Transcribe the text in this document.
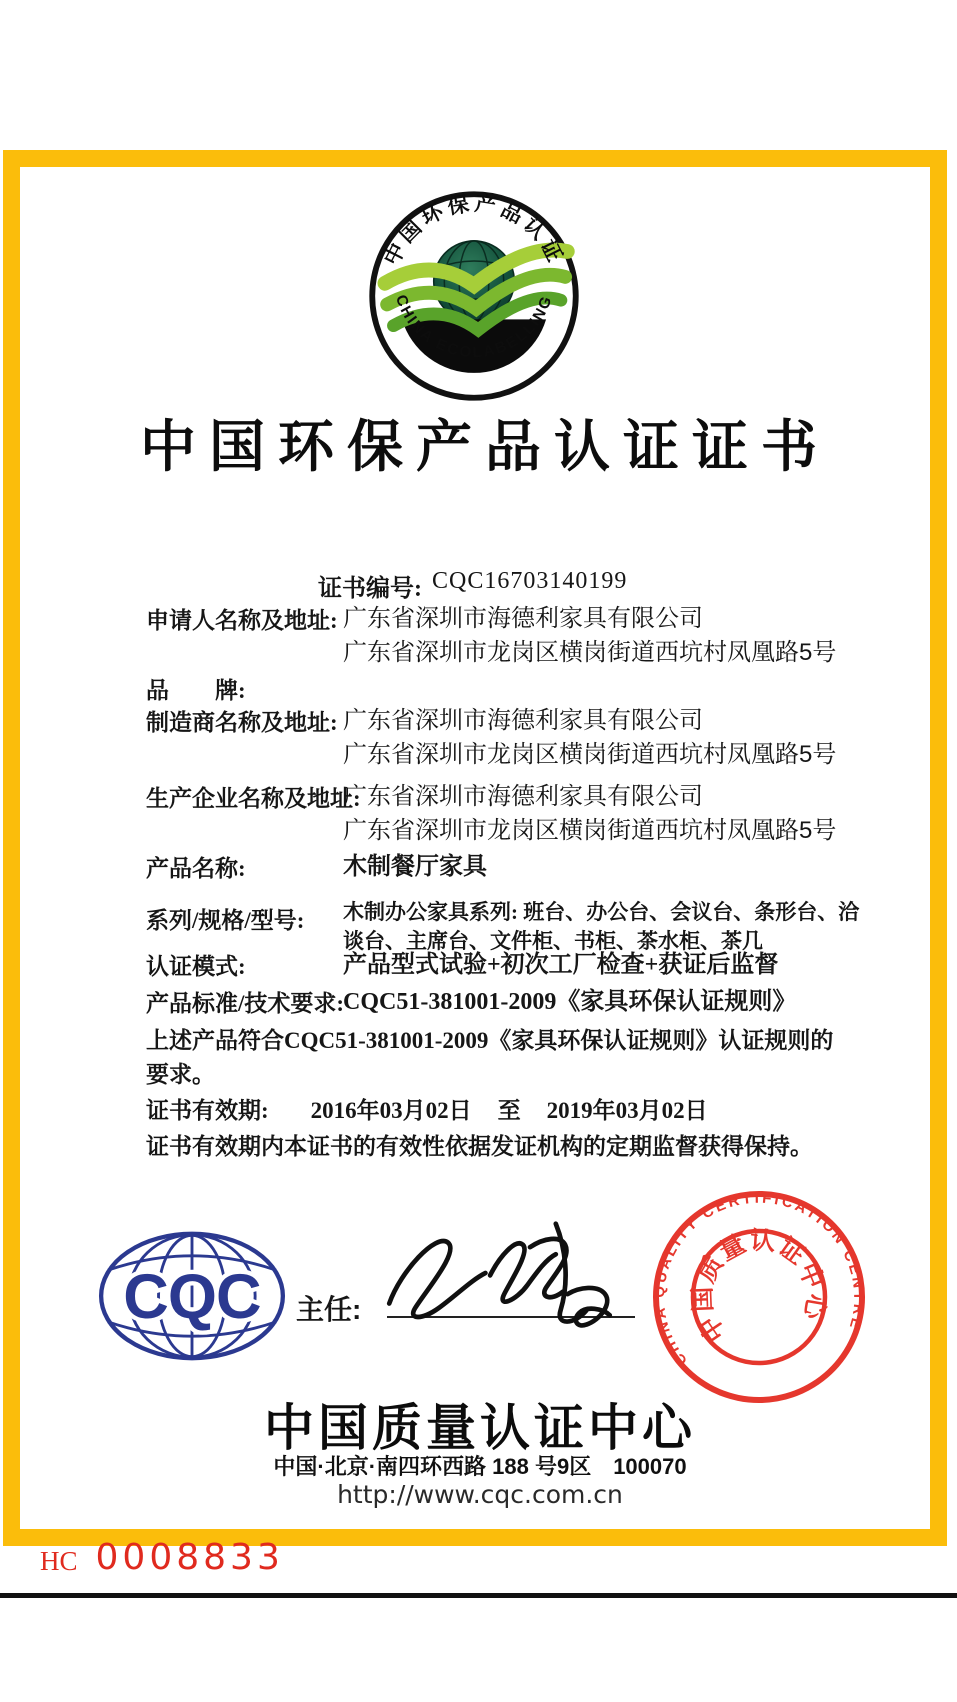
中国环保产品认证
CHINA ECOLABELLING
中国环保产品认证证书
证书编号: CQC16703140199
申请人名称及地址: 广东省深圳市海德利家具有限公司
广东省深圳市龙岗区横岗街道西坑村凤凰路5号
品　　牌:
制造商名称及地址: 广东省深圳市海德利家具有限公司
广东省深圳市龙岗区横岗街道西坑村凤凰路5号
生产企业名称及地址:
广东省深圳市海德利家具有限公司
广东省深圳市龙岗区横岗街道西坑村凤凰路5号
产品名称:	木制餐厅家具
系列/规格/型号:	木制办公家具系列: 班台、办公台、会议台、条形台、洽谈台、主席台、文件柜、书柜、茶水柜、茶几
认证模式:	产品型式试验+初次工厂检查+获证后监督
产品标准/技术要求:
CQC51-381001-2009《家具环保认证规则》
上述产品符合CQC51-381001-2009《家具环保认证规则》认证规则的要求。
证书有效期: 2016年03月02日 至 2019年03月02日
证书有效期内本证书的有效性依据发证机构的定期监督获得保持。
CQC 主任:
CHINA QUALITY CERTIFICATION CENTRE
中国质量认证中心
中国质量认证中心
中国·北京·南四环西路 188 号9区　100070
http://www.cqc.com.cn
HC 0008833
